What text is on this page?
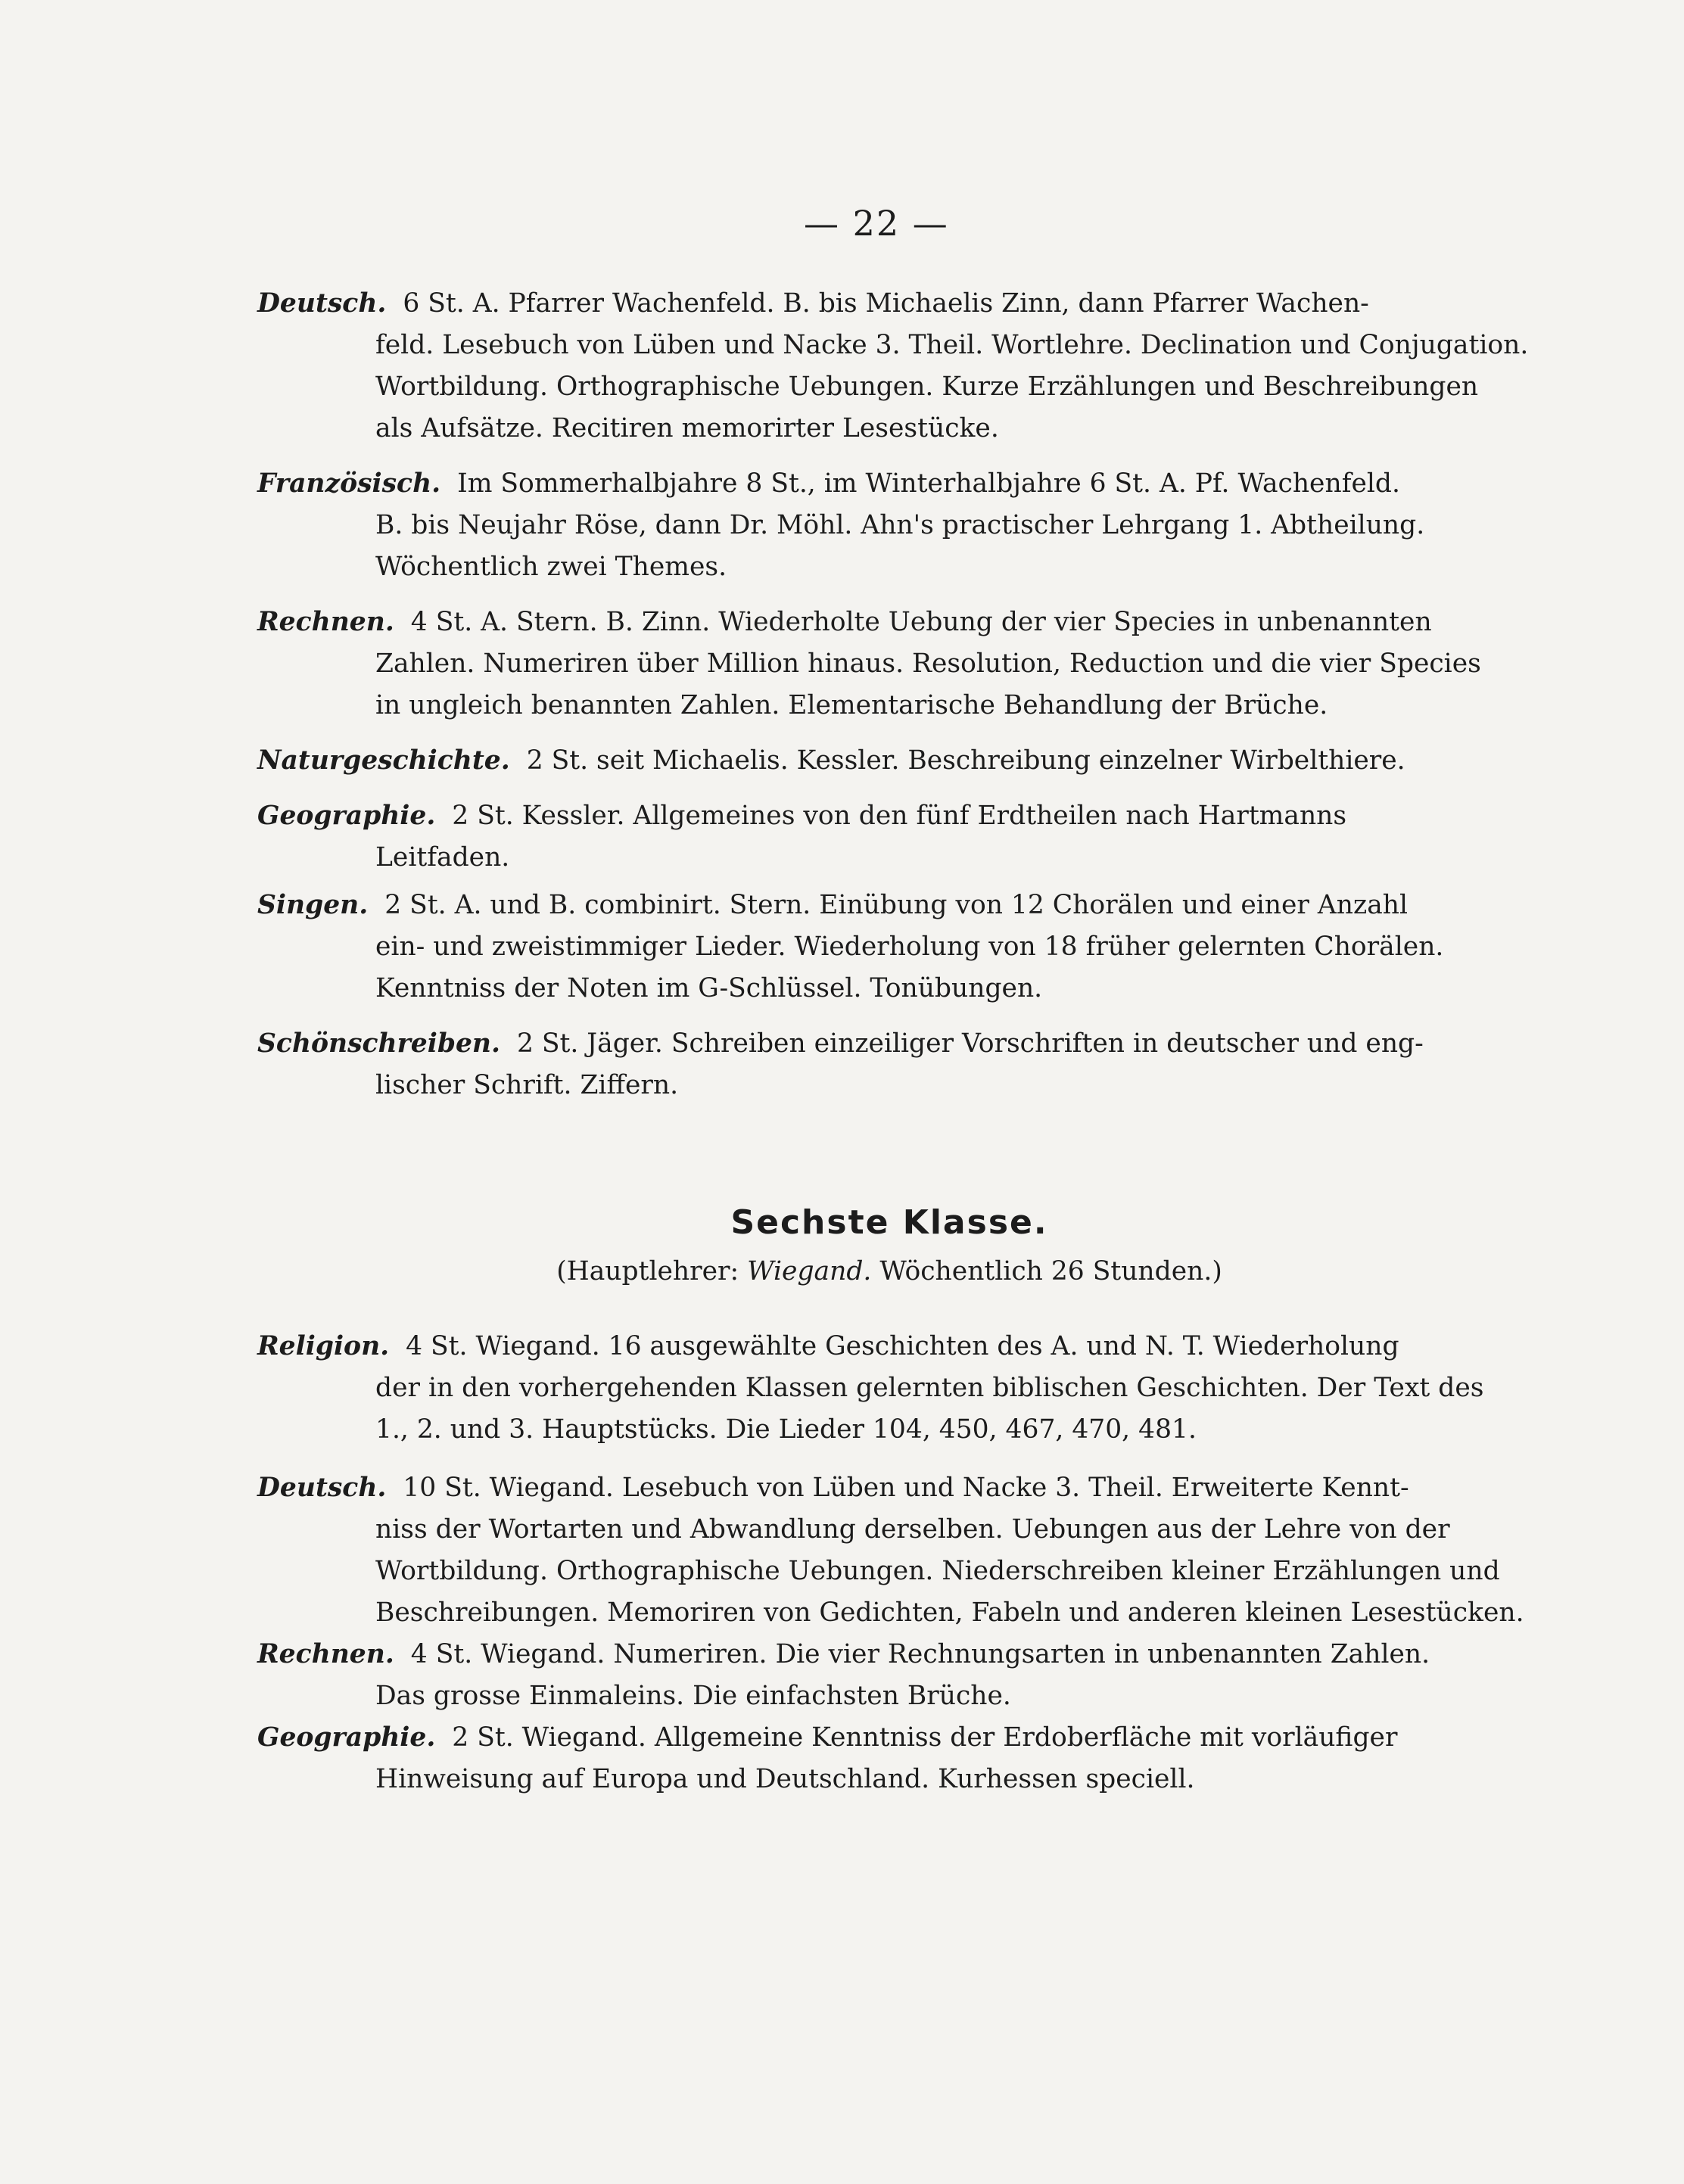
— 22 —
Deutsch. 6 St. A. Pfarrer Wachenfeld. B. bis Michaelis Zinn, dann Pfarrer Wachen-
feld. Lesebuch von Lüben und Nacke 3. Theil. Wortlehre. Declination und Conjugation.
Wortbildung. Orthographische Uebungen. Kurze Erzählungen und Beschreibungen
als Aufsätze. Recitiren memorirter Lesestücke.
Französisch. Im Sommerhalbjahre 8 St., im Winterhalbjahre 6 St. A. Pf. Wachenfeld.
B. bis Neujahr Röse, dann Dr. Möhl. Ahn's practischer Lehrgang 1. Abtheilung.
Wöchentlich zwei Themes.
Rechnen. 4 St. A. Stern. B. Zinn. Wiederholte Uebung der vier Species in unbenannten
Zahlen. Numeriren über Million hinaus. Resolution, Reduction und die vier Species
in ungleich benannten Zahlen. Elementarische Behandlung der Brüche.
Naturgeschichte. 2 St. seit Michaelis. Kessler. Beschreibung einzelner Wirbelthiere.
Geographie. 2 St. Kessler. Allgemeines von den fünf Erdtheilen nach Hartmanns
Leitfaden.
Singen. 2 St. A. und B. combinirt. Stern. Einübung von 12 Chorälen und einer Anzahl
ein- und zweistimmiger Lieder. Wiederholung von 18 früher gelernten Chorälen.
Kenntniss der Noten im G-Schlüssel. Tonübungen.
Schönschreiben. 2 St. Jäger. Schreiben einzeiliger Vorschriften in deutscher und eng-
lischer Schrift. Ziffern.
Sechste Klasse.
(Hauptlehrer: Wiegand. Wöchentlich 26 Stunden.)
Religion. 4 St. Wiegand. 16 ausgewählte Geschichten des A. und N. T. Wiederholung
der in den vorhergehenden Klassen gelernten biblischen Geschichten. Der Text des
1., 2. und 3. Hauptstücks. Die Lieder 104, 450, 467, 470, 481.
Deutsch. 10 St. Wiegand. Lesebuch von Lüben und Nacke 3. Theil. Erweiterte Kennt-
niss der Wortarten und Abwandlung derselben. Uebungen aus der Lehre von der
Wortbildung. Orthographische Uebungen. Niederschreiben kleiner Erzählungen und
Beschreibungen. Memoriren von Gedichten, Fabeln und anderen kleinen Lesestücken.
Rechnen. 4 St. Wiegand. Numeriren. Die vier Rechnungsarten in unbenannten Zahlen.
Das grosse Einmaleins. Die einfachsten Brüche.
Geographie. 2 St. Wiegand. Allgemeine Kenntniss der Erdoberfläche mit vorläufiger
Hinweisung auf Europa und Deutschland. Kurhessen speciell.
